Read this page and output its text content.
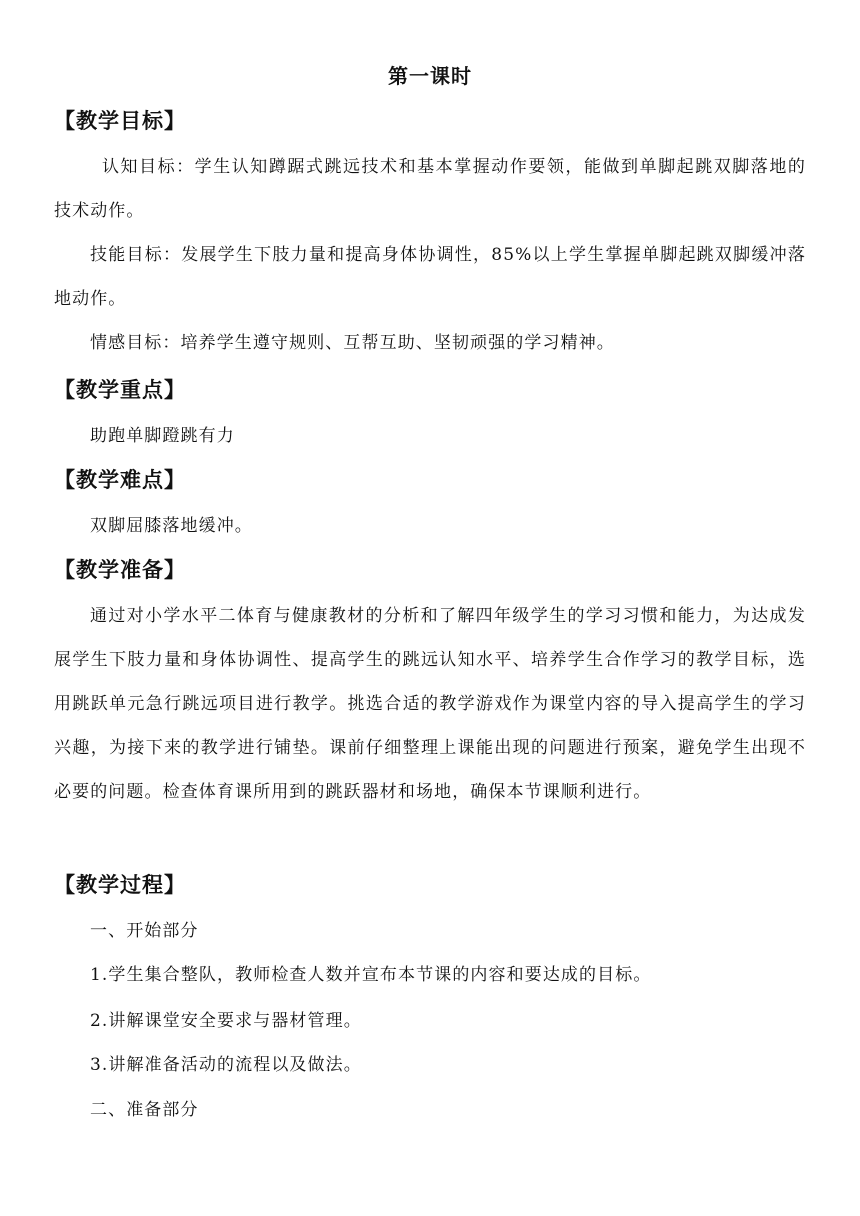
第一课时
【教学目标】

认知目标：学生认知蹲踞式跳远技术和基本掌握动作要领，能做到单脚起跳双脚落地的技术动作。

技能目标：发展学生下肢力量和提高身体协调性，85%以上学生掌握单脚起跳双脚缓冲落地动作。

情感目标：培养学生遵守规则、互帮互助、坚韧顽强的学习精神。

【教学重点】

助跑单脚蹬跳有力

【教学难点】

双脚屈膝落地缓冲。

【教学准备】

通过对小学水平二体育与健康教材的分析和了解四年级学生的学习习惯和能力，为达成发展学生下肢力量和身体协调性、提高学生的跳远认知水平、培养学生合作学习的教学目标，选用跳跃单元急行跳远项目进行教学。挑选合适的教学游戏作为课堂内容的导入提高学生的学习兴趣，为接下来的教学进行铺垫。课前仔细整理上课能出现的问题进行预案，避免学生出现不必要的问题。检查体育课所用到的跳跃器材和场地，确保本节课顺利进行。

【教学过程】

一、开始部分

1.学生集合整队，教师检查人数并宣布本节课的内容和要达成的目标。

2.讲解课堂安全要求与器材管理。

3.讲解准备活动的流程以及做法。

二、准备部分
